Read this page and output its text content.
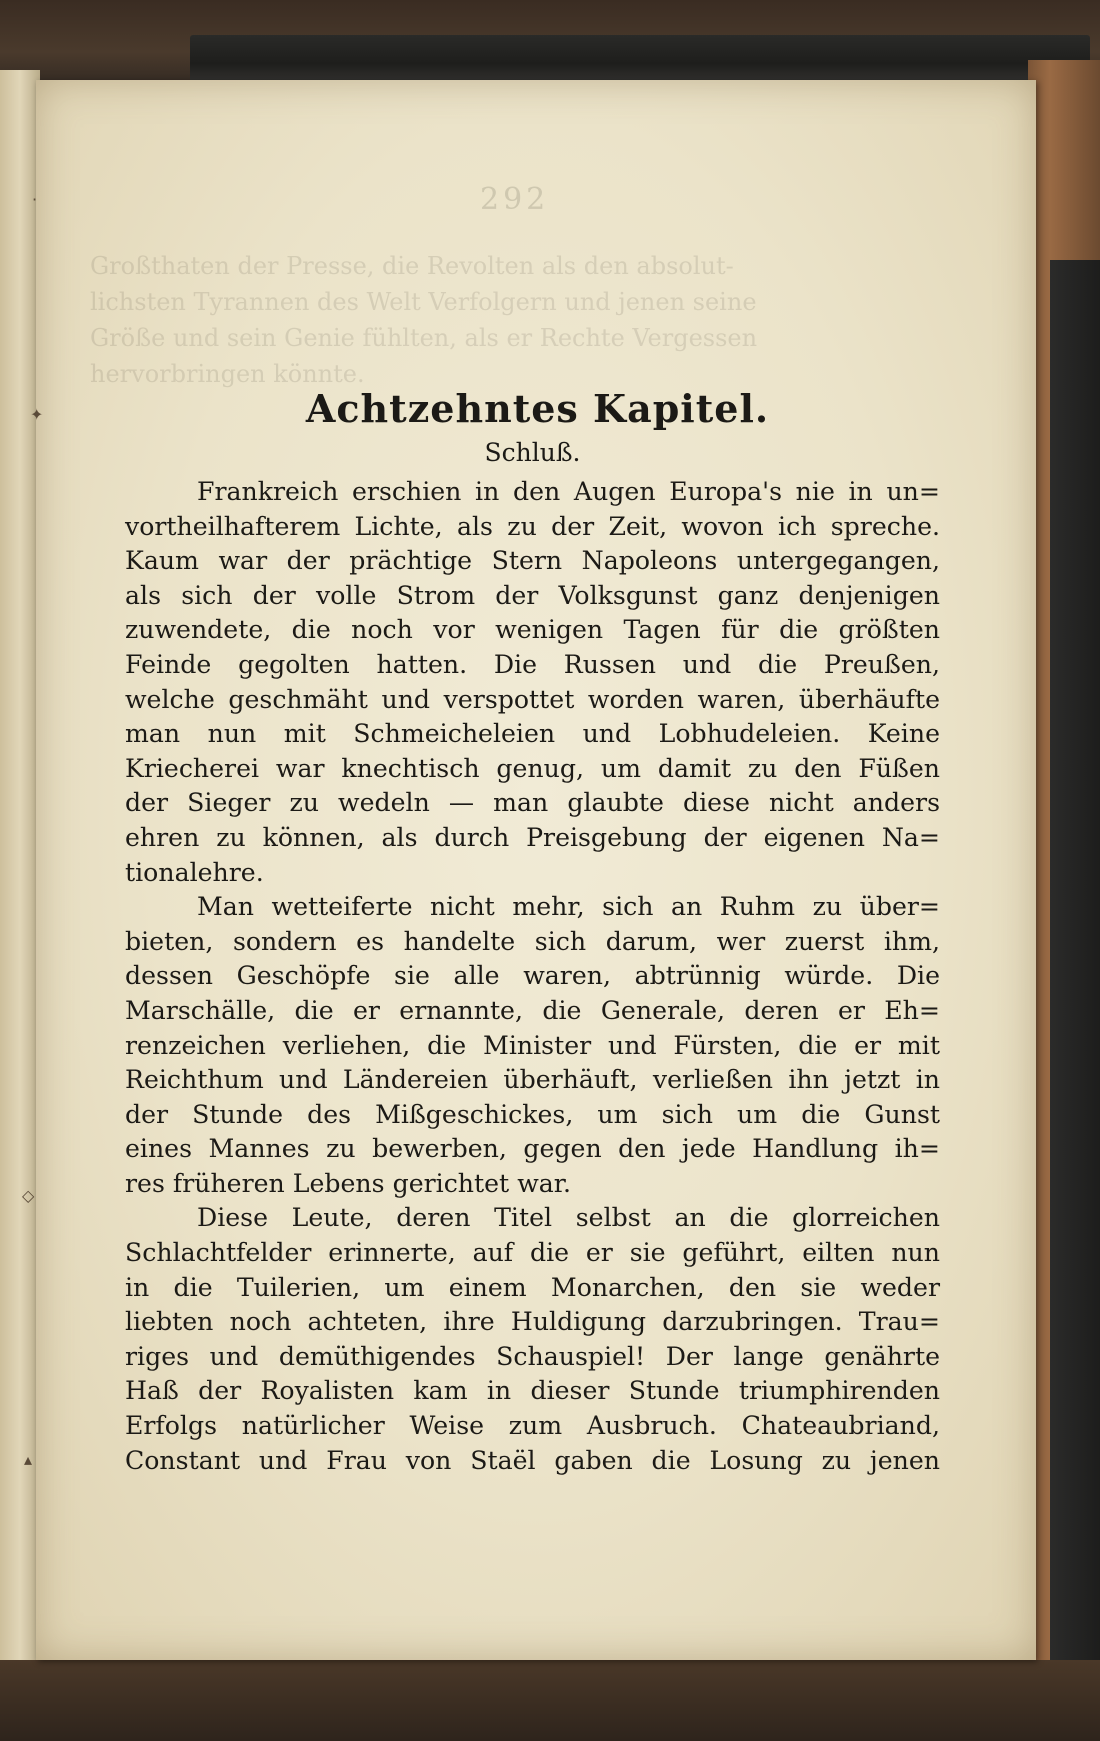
292
Großthaten der Presse, die Revolten als den absolut-
lichsten Tyrannen des Welt Verfolgern und jenen seine
Größe und sein Genie fühlten, als er Rechte Vergessen
hervorbringen könnte.
·
✦
◇
▴
Achtzehntes Kapitel.
Schluß.

Frankreich erschien in den Augen Europa's nie in un=
vortheilhafterem Lichte, als zu der Zeit, wovon ich spreche.
Kaum war der prächtige Stern Napoleons untergegangen,
als sich der volle Strom der Volksgunst ganz denjenigen
zuwendete, die noch vor wenigen Tagen für die größten
Feinde gegolten hatten. Die Russen und die Preußen,
welche geschmäht und verspottet worden waren, überhäufte
man nun mit Schmeicheleien und Lobhudeleien. Keine
Kriecherei war knechtisch genug, um damit zu den Füßen
der Sieger zu wedeln — man glaubte diese nicht anders
ehren zu können, als durch Preisgebung der eigenen Na=
tionalehre.

Man wetteiferte nicht mehr, sich an Ruhm zu über=
bieten, sondern es handelte sich darum, wer zuerst ihm,
dessen Geschöpfe sie alle waren, abtrünnig würde. Die
Marschälle, die er ernannte, die Generale, deren er Eh=
renzeichen verliehen, die Minister und Fürsten, die er mit
Reichthum und Ländereien überhäuft, verließen ihn jetzt in
der Stunde des Mißgeschickes, um sich um die Gunst
eines Mannes zu bewerben, gegen den jede Handlung ih=
res früheren Lebens gerichtet war.

Diese Leute, deren Titel selbst an die glorreichen
Schlachtfelder erinnerte, auf die er sie geführt, eilten nun
in die Tuilerien, um einem Monarchen, den sie weder
liebten noch achteten, ihre Huldigung darzubringen. Trau=
riges und demüthigendes Schauspiel! Der lange genährte
Haß der Royalisten kam in dieser Stunde triumphirenden
Erfolgs natürlicher Weise zum Ausbruch. Chateaubriand,
Constant und Frau von Staël gaben die Losung zu jenen
